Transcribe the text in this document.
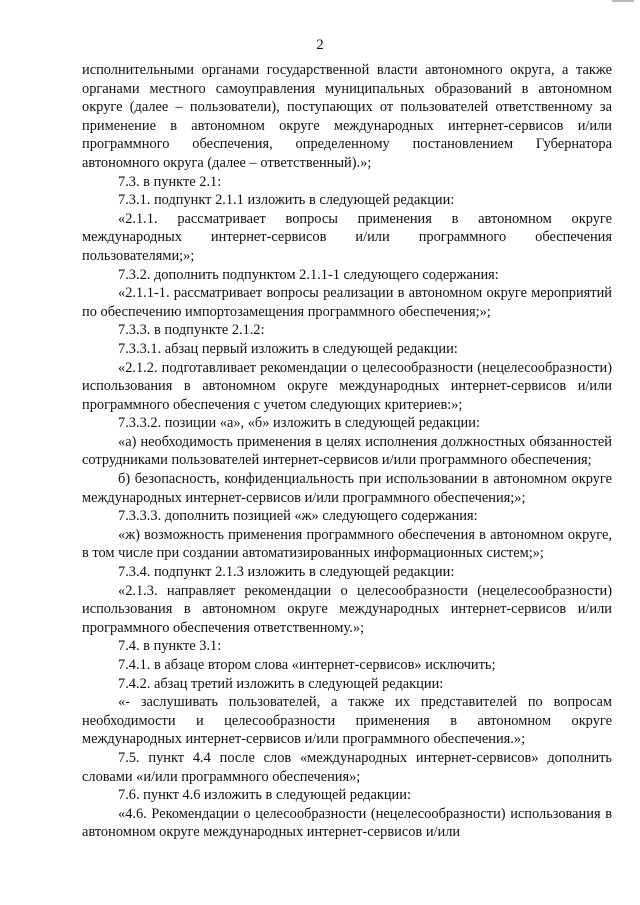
2

исполнительными органами государственной власти автономного округа, а также органами местного самоуправления муниципальных образований в автономном округе (далее – пользователи), поступающих от пользователей ответственному за применение в автономном округе международных интернет-сервисов и/или программного обеспечения, определенному постановлением Губернатора автономного округа (далее – ответственный).»;

7.3. в пункте 2.1:

7.3.1. подпункт 2.1.1 изложить в следующей редакции:

«2.1.1. рассматривает вопросы применения в автономном округе международных интернет-сервисов и/или программного обеспечения пользователями;»;

7.3.2. дополнить подпунктом 2.1.1-1 следующего содержания:

«2.1.1-1. рассматривает вопросы реализации в автономном округе мероприятий по обеспечению импортозамещения программного обеспечения;»;

7.3.3. в подпункте 2.1.2:

7.3.3.1. абзац первый изложить в следующей редакции:

«2.1.2. подготавливает рекомендации о целесообразности (нецелесообразности) использования в автономном округе международных интернет-сервисов и/или программного обеспечения с учетом следующих критериев:»;

7.3.3.2. позиции «а», «б» изложить в следующей редакции:

«а) необходимость применения в целях исполнения должностных обязанностей сотрудниками пользователей интернет-сервисов и/или программного обеспечения;

б) безопасность, конфиденциальность при использовании в автономном округе международных интернет-сервисов и/или программного обеспечения;»;

7.3.3.3. дополнить позицией «ж» следующего содержания:

«ж) возможность применения программного обеспечения в автономном округе, в том числе при создании автоматизированных информационных систем;»;

7.3.4. подпункт 2.1.3 изложить в следующей редакции:

«2.1.3. направляет рекомендации о целесообразности (нецелесообразности) использования в автономном округе международных интернет-сервисов и/или программного обеспечения ответственному.»;

7.4. в пункте 3.1:

7.4.1. в абзаце втором слова «интернет-сервисов» исключить;

7.4.2. абзац третий изложить в следующей редакции:

«- заслушивать пользователей, а также их представителей по вопросам необходимости и целесообразности применения в автономном округе международных интернет-сервисов и/или программного обеспечения.»;

7.5. пункт 4.4 после слов «международных интернет-сервисов» дополнить словами «и/или программного обеспечения»;

7.6. пункт 4.6 изложить в следующей редакции:

«4.6. Рекомендации о целесообразности (нецелесообразности) использования в автономном округе международных интернет-сервисов и/или
